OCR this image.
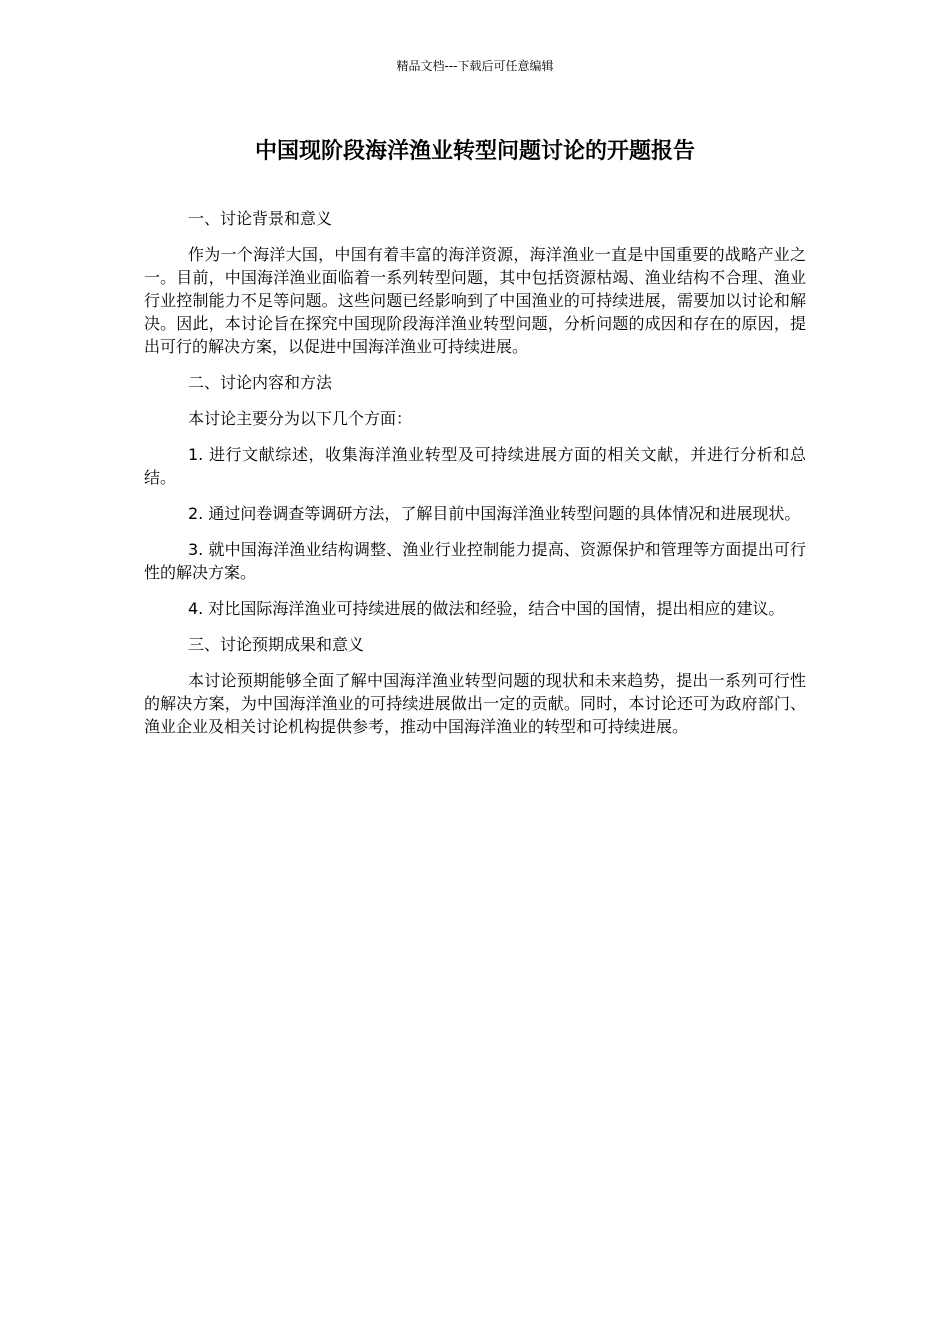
精品文档---下载后可任意编辑
中国现阶段海洋渔业转型问题讨论的开题报告

一、讨论背景和意义

作为一个海洋大国，中国有着丰富的海洋资源，海洋渔业一直是中国重要的战略产业之一。目前，中国海洋渔业面临着一系列转型问题，其中包括资源枯竭、渔业结构不合理、渔业行业控制能力不足等问题。这些问题已经影响到了中国渔业的可持续进展，需要加以讨论和解决。因此，本讨论旨在探究中国现阶段海洋渔业转型问题，分析问题的成因和存在的原因，提出可行的解决方案，以促进中国海洋渔业可持续进展。

二、讨论内容和方法

本讨论主要分为以下几个方面：

1. 进行文献综述，收集海洋渔业转型及可持续进展方面的相关文献，并进行分析和总结。

2. 通过问卷调查等调研方法，了解目前中国海洋渔业转型问题的具体情况和进展现状。

3. 就中国海洋渔业结构调整、渔业行业控制能力提高、资源保护和管理等方面提出可行性的解决方案。

4. 对比国际海洋渔业可持续进展的做法和经验，结合中国的国情，提出相应的建议。

三、讨论预期成果和意义

本讨论预期能够全面了解中国海洋渔业转型问题的现状和未来趋势，提出一系列可行性的解决方案，为中国海洋渔业的可持续进展做出一定的贡献。同时，本讨论还可为政府部门、渔业企业及相关讨论机构提供参考，推动中国海洋渔业的转型和可持续进展。
